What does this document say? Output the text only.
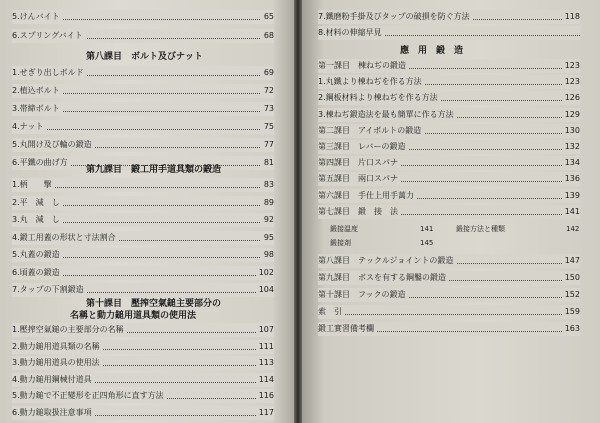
5.けんバイト	65
6.スプリングバイト	68
第八課目　ボルト及びナット
1.せぎり出しボルド	69
2.植込ボルト	72
3.帯締ボルト	73
4.ナット	75
5.丸開け及び輪の鍛造	77
6.平鐵の曲げ方	81
第九課目　鍛工用手道具類の鍛造
1.柄　　撃	83
2.平　減　し	89
3.丸　減　し	92
4.鍛工用蓋の形状と寸法割合	95
5.丸蓋の鍛造	98
6.頃蓋の鍛造	102
7.タップの下割鍛造	104
第十課目　壓搾空氣鎚主要部分の
名稱と動力鎚用道具類の使用法
1.壓搾空氣鎚の主要部分の名稱	107
2.動力鎚用道具類の名稱	111
3.動力鎚用道具の使用法	113
4.動力鎚用鋼械付道具	114
5.動力鎚で不正變形を正四角形に直す方法	116
6.動力鎚取扱注意事項	117
7.鐵磨粉手掛及びタップの破損を防ぐ方法	118
8.材料の伸縮早見
應　用　鍛　造
第一課目　棟ねぢの鍛造	123
1.丸鐵より棟ねぢを作る方法	123
2.鋼板材料より棟ねぢを作る方法	126
3.棟ねぢ鍛造法を最も簡單に作る方法	129
第二課目　アイボルトの鍛造	130
第三課目　レバーの鍛造	132
第四課目　片口スパナ	134
第五課目　兩口スパナ	136
第六課目　手仕上用手萬力	139
第七課目　鍛　接　法	141
鍛接温度	141	鍛接方法と種類	142
鍛接剤	145
第八課目　テックルジョイントの鍛造	147
第九課目　ボスを有する鋼鑿の鍛造	150
第十課目　フックの鍛造	152
索　引	159
鍛工實習備考欄	163
